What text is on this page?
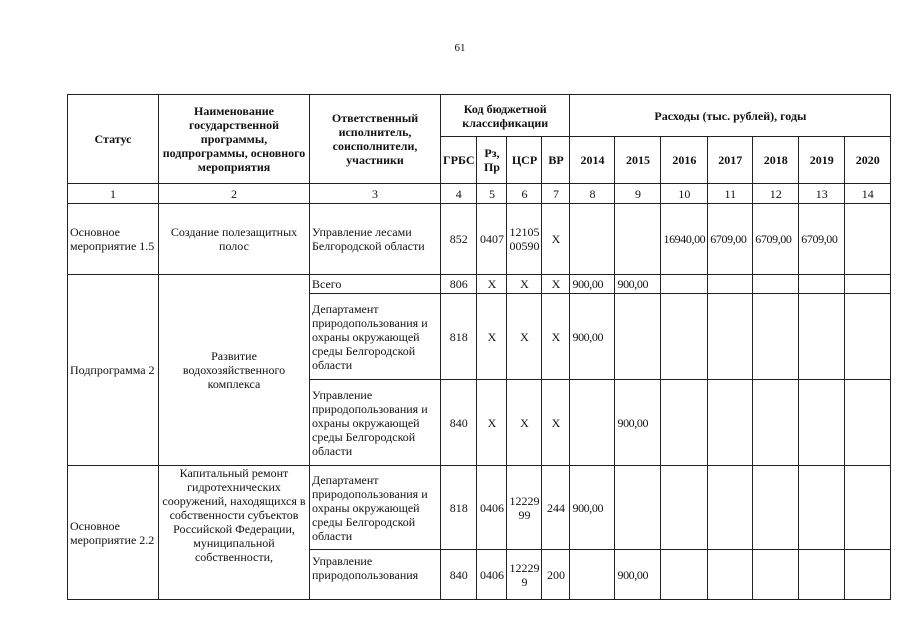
61
Статус	Наименование государственной программы, подпрограммы, основного мероприятия	Ответственный исполнитель, соисполнители, участники	Код бюджетной классификации				Расходы (тыс. рублей), годы						
			ГРБС	Рз, Пр	ЦСР	ВР	2014	2015	2016	2017	2018	2019	2020
1	2	3	4	5	6	7	8	9	10	11	12	13	14
Основное мероприятие 1.5	Создание полезащитных полос	Управление лесами Белгородской области	852	0407	12105 00590	X			16940,00	6709,00	6709,00	6709,00	
Подпрограмма 2	Развитие водохозяйственного комплекса	Всего	806	X	X	X	900,00	900,00					
		Департамент природопользования и охраны окружающей среды Белгородской области	818	X	X	X	900,00						
		Управление природопользования и охраны окружающей среды Белгородской области	840	X	X	X		900,00					
Основное мероприятие 2.2	Капитальный ремонт гидротехнических сооружений, находящихся в собственности субъектов Российской Федерации, муниципальной собственности,	Департамент природопользования и охраны окружающей среды Белгородской области	818	0406	12229 99	244	900,00						
		Управление природопользования	840	0406	12229 9	200		900,00					
